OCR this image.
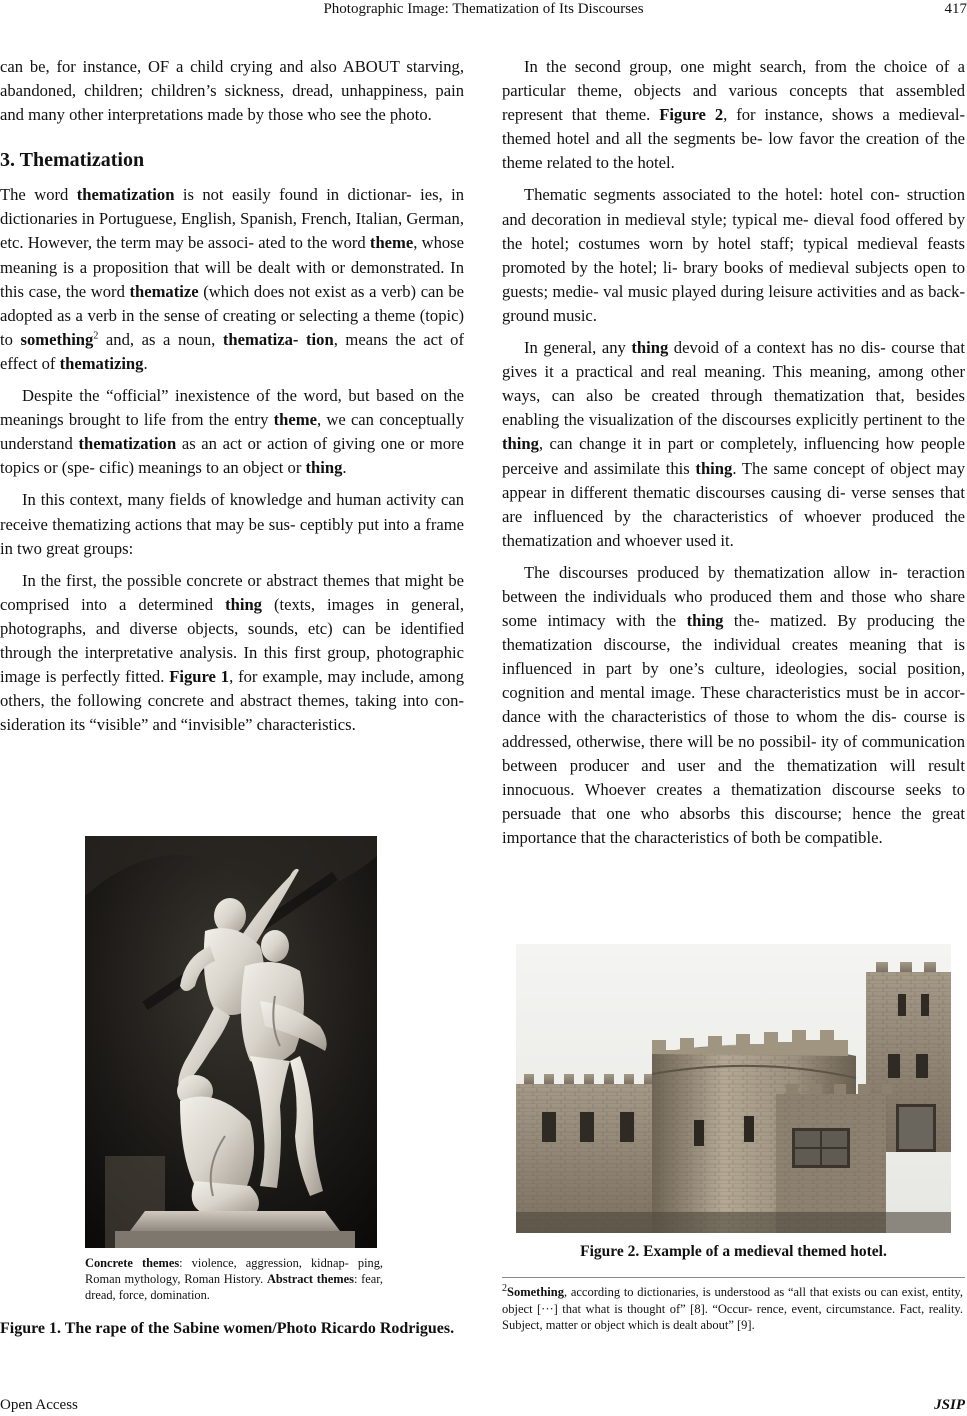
Photographic Image: Thematization of Its Discourses	417

can be, for instance, OF a child crying and also ABOUT starving, abandoned, children; children’s sickness, dread, unhappiness, pain and many other interpretations made by those who see the photo.

3. Thematization

The word thematization is not easily found in dictionar- ies, in dictionaries in Portuguese, English, Spanish, French, Italian, German, etc. However, the term may be associ- ated to the word theme, whose meaning is a proposition that will be dealt with or demonstrated. In this case, the word thematize (which does not exist as a verb) can be adopted as a verb in the sense of creating or selecting a theme (topic) to something$^2$ and, as a noun, thematiza- tion, means the act of effect of thematizing.

Despite the “official” inexistence of the word, but based on the meanings brought to life from the entry theme, we can conceptually understand thematization as an act or action of giving one or more topics or (spe- cific) meanings to an object or thing.

In this context, many fields of knowledge and human activity can receive thematizing actions that may be sus- ceptibly put into a frame in two great groups:

In the first, the possible concrete or abstract themes that might be comprised into a determined thing (texts, images in general, photographs, and diverse objects, sounds, etc) can be identified through the interpretative analysis. In this first group, photographic image is perfectly fitted. Figure 1, for example, may include, among others, the following concrete and abstract themes, taking into con- sideration its “visible” and “invisible” characteristics.

Concrete themes: violence, aggression, kidnap- ping, Roman mythology, Roman History. Abstract themes: fear, dread, force, domination.
Figure 1. The rape of the Sabine women/Photo Ricardo Rodrigues.

In the second group, one might search, from the choice of a particular theme, objects and various concepts that assembled represent that theme. Figure 2, for instance, shows a medieval-themed hotel and all the segments be- low favor the creation of the theme related to the hotel.

Thematic segments associated to the hotel: hotel con- struction and decoration in medieval style; typical me- dieval food offered by the hotel; costumes worn by hotel staff; typical medieval feasts promoted by the hotel; li- brary books of medieval subjects open to guests; medie- val music played during leisure activities and as back- ground music.

In general, any thing devoid of a context has no dis- course that gives it a practical and real meaning. This meaning, among other ways, can also be created through thematization that, besides enabling the visualization of the discourses explicitly pertinent to the thing, can change it in part or completely, influencing how people perceive and assimilate this thing. The same concept of object may appear in different thematic discourses causing di- verse senses that are influenced by the characteristics of whoever produced the thematization and whoever used it.

The discourses produced by thematization allow in- teraction between the individuals who produced them and those who share some intimacy with the thing the- matized. By producing the thematization discourse, the individual creates meaning that is influenced in part by one’s culture, ideologies, social position, cognition and mental image. These characteristics must be in accor- dance with the characteristics of those to whom the dis- course is addressed, otherwise, there will be no possibil- ity of communication between producer and user and the thematization will result innocuous. Whoever creates a thematization discourse seeks to persuade that one who absorbs this discourse; hence the great importance that the characteristics of both be compatible.

Figure 2. Example of a medieval themed hotel.
$^2$Something, according to dictionaries, is understood as “all that exists ou can exist, entity, object [···] that what is thought of” [8]. “Occur- rence, event, circumstance. Fact, reality. Subject, matter or object which is dealt about” [9].
Open Access	JSIP
